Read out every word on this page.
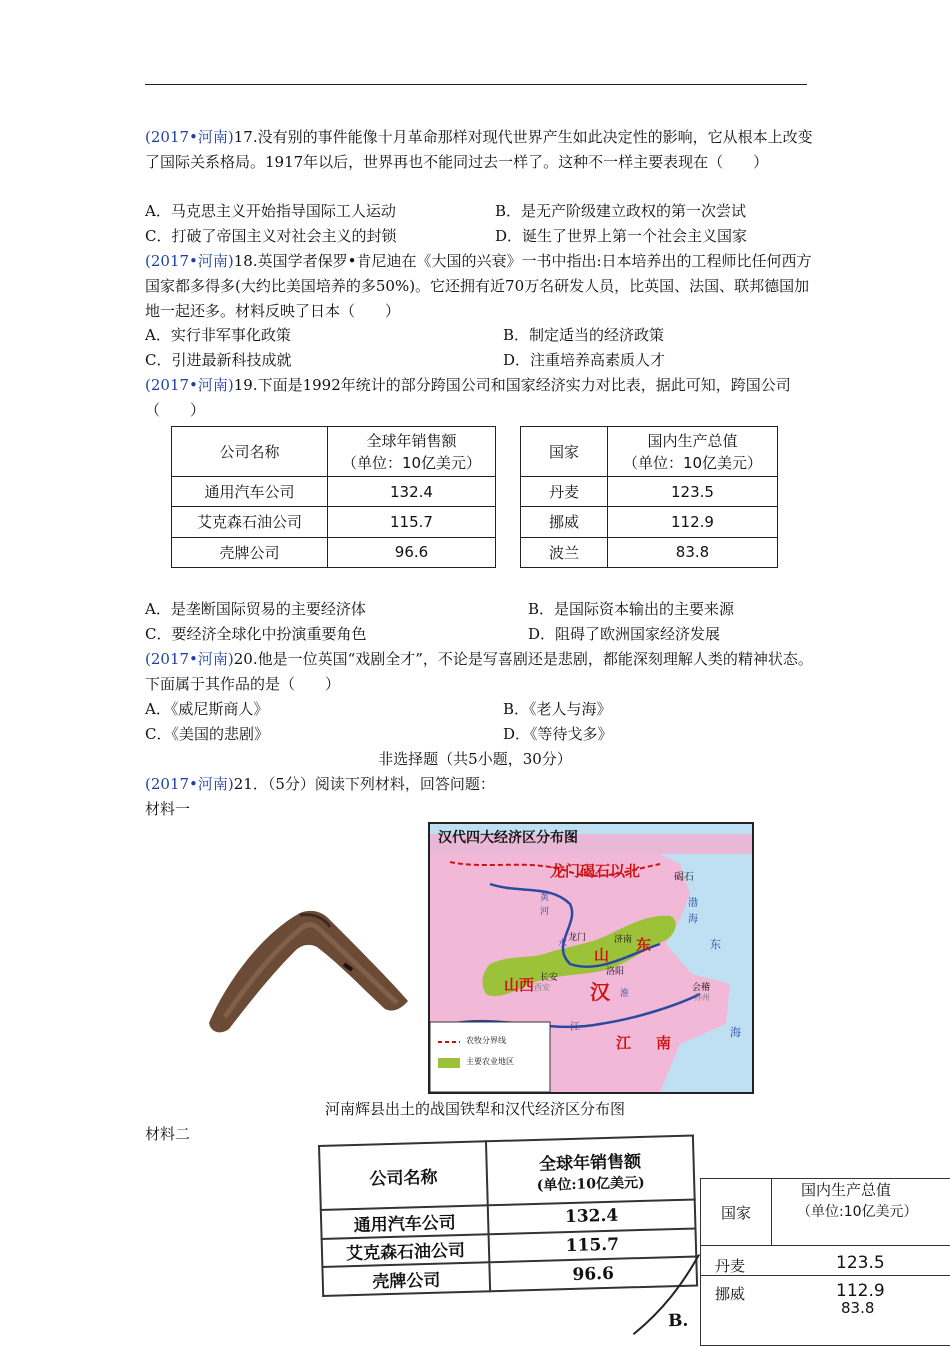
(2017•河南)17.没有别的事件能像十月革命那样对现代世界产生如此决定性的影响，它从根本上改变了国际关系格局。1917年以后，世界再也不能同过去一样了。这种不一样主要表现在（　　）

A．马克思主义开始指导国际工人运动	B．是无产阶级建立政权的第一次尝试
C．打破了帝国主义对社会主义的封锁	D．诞生了世界上第一个社会主义国家

(2017•河南)18.英国学者保罗•肯尼迪在《大国的兴衰》一书中指出:日本培养出的工程师比任何西方国家都多得多(大约比美国培养的多50%)。它还拥有近70万名研发人员，比英国、法国、联邦德国加地一起还多。材料反映了日本（　　）

A．实行非军事化政策	B．制定适当的经济政策
C．引进最新科技成就	D．注重培养高素质人才

(2017•河南)19.下面是1992年统计的部分跨国公司和国家经济实力对比表，据此可知，跨国公司（　　）

公司名称	全球年销售额
（单位：10亿美元）

通用汽车公司	132.4
艾克森石油公司	115.7
壳牌公司	96.6
国家	国内生产总值
（单位：10亿美元）

丹麦	123.5
挪威	112.9
波兰	83.8
A．是垄断国际贸易的主要经济体	B．是国际资本输出的主要来源
C．要经济全球化中扮演重要角色	D．阻碍了欧洲国家经济发展

(2017•河南)20.他是一位英国“戏剧全才”，不论是写喜剧还是悲剧，都能深刻理解人类的精神状态。下面属于其作品的是（　　）

A．《威尼斯商人》	B．《老人与海》
C．《美国的悲剧》	D．《等待戈多》
非选择题（共5小题，30分）

(2017•河南)21．（5分）阅读下列材料，回答问题：

材料一
汉代四大经济区分布图
龙门碣石以北
山西
山
东
汉
江 南
碣石
龙门	济南
长安
西安
洛阳
会稽
苏州
渤
海
黄
河
水
淮
江
东
海
农牧分界线
主要农业地区
河南辉县出土的战国铁犁和汉代经济区分布图
材料二
公司名称	全球年销售额
(单位:10亿美元)

通用汽车公司	132.4
艾克森石油公司	115.7
壳牌公司	96.6
B.
国家
国内生产总值
（单位:10亿美元）
丹麦	123.5
挪威	112.9
83.8
